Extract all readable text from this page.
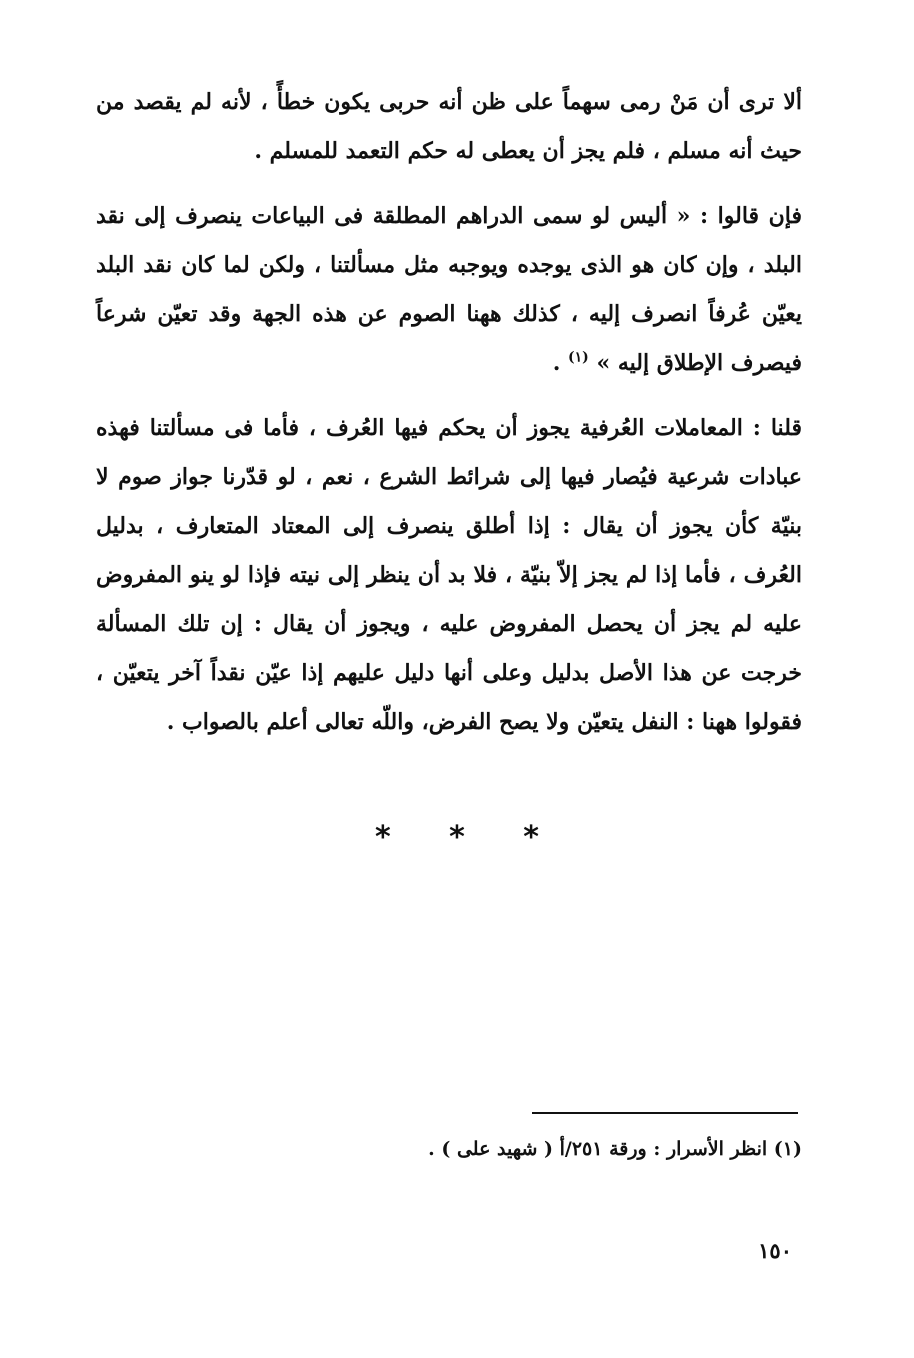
ألا ترى أن مَنْ رمى سهماً على ظن أنه حربى يكون خطأً ، لأنه لم يقصد من حيث أنه مسلم ، فلم يجز أن يعطى له حكم التعمد للمسلم .

فإن قالوا : « أليس لو سمى الدراهم المطلقة فى البياعات ينصرف إلى نقد البلد ، وإن كان هو الذى يوجده ويوجبه مثل مسألتنا ، ولكن لما كان نقد البلد يعيّن عُرفاً انصرف إليه ، كذلك ههنا الصوم عن هذه الجهة وقد تعيّن شرعاً فيصرف الإطلاق إليه » $^{(١)}$ .

قلنا : المعاملات العُرفية يجوز أن يحكم فيها العُرف ، فأما فى مسألتنا فهذه عبادات شرعية فيُصار فيها إلى شرائط الشرع ، نعم ، لو قدّرنا جواز صوم لا بنيّة كأن يجوز أن يقال : إذا أطلق ينصرف إلى المعتاد المتعارف ، بدليل العُرف ، فأما إذا لم يجز إلاّ بنيّة ، فلا بد أن ينظر إلى نيته فإذا لو ينو المفروض عليه لم يجز أن يحصل المفروض عليه ، ويجوز أن يقال : إن تلك المسألة خرجت عن هذا الأصل بدليل وعلى أنها دليل عليهم إذا عيّن نقداً آخر يتعيّن ، فقولوا ههنا : النفل يتعيّن ولا يصح الفرض، واللّه تعالى أعلم بالصواب .

* * *
(١) انظر الأسرار : ورقة ٢٥١/أ ( شهيد على ) .
١٥٠
